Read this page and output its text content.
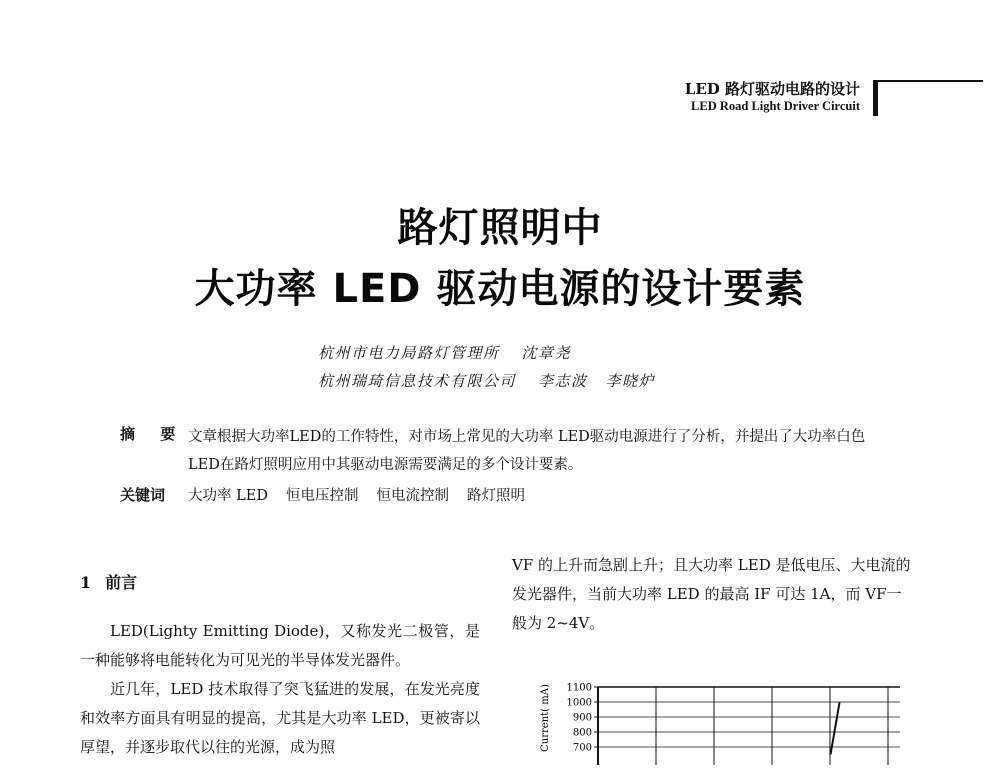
LED 路灯驱动电路的设计
LED Road Light Driver Circuit
路灯照明中
大功率 LED 驱动电源的设计要素
杭州市电力局路灯管理所 沈章尧
杭州瑞琦信息技术有限公司 李志波 李晓炉
摘 要 文章根据大功率LED的工作特性，对市场上常见的大功率 LED驱动电源进行了分析，并提出了大功率白色 LED在路灯照明应用中其驱动电源需要满足的多个设计要素。
关键词 大功率 LED 恒电压控制 恒电流控制 路灯照明
1 前言

LED(Lighty Emitting Diode)，又称发光二极管，是一种能够将电能转化为可见光的半导体发光器件。

近几年，LED 技术取得了突飞猛进的发展，在发光亮度和效率方面具有明显的提高，尤其是大功率 LED，更被寄以厚望，并逐步取代以往的光源，成为照

VF 的上升而急剧上升；且大功率 LED 是低电压、大电流的发光器件，当前大功率 LED 的最高 IF 可达 1A，而 VF一般为 2~4V。
Current( mA) 1100
1000
900
800
700
